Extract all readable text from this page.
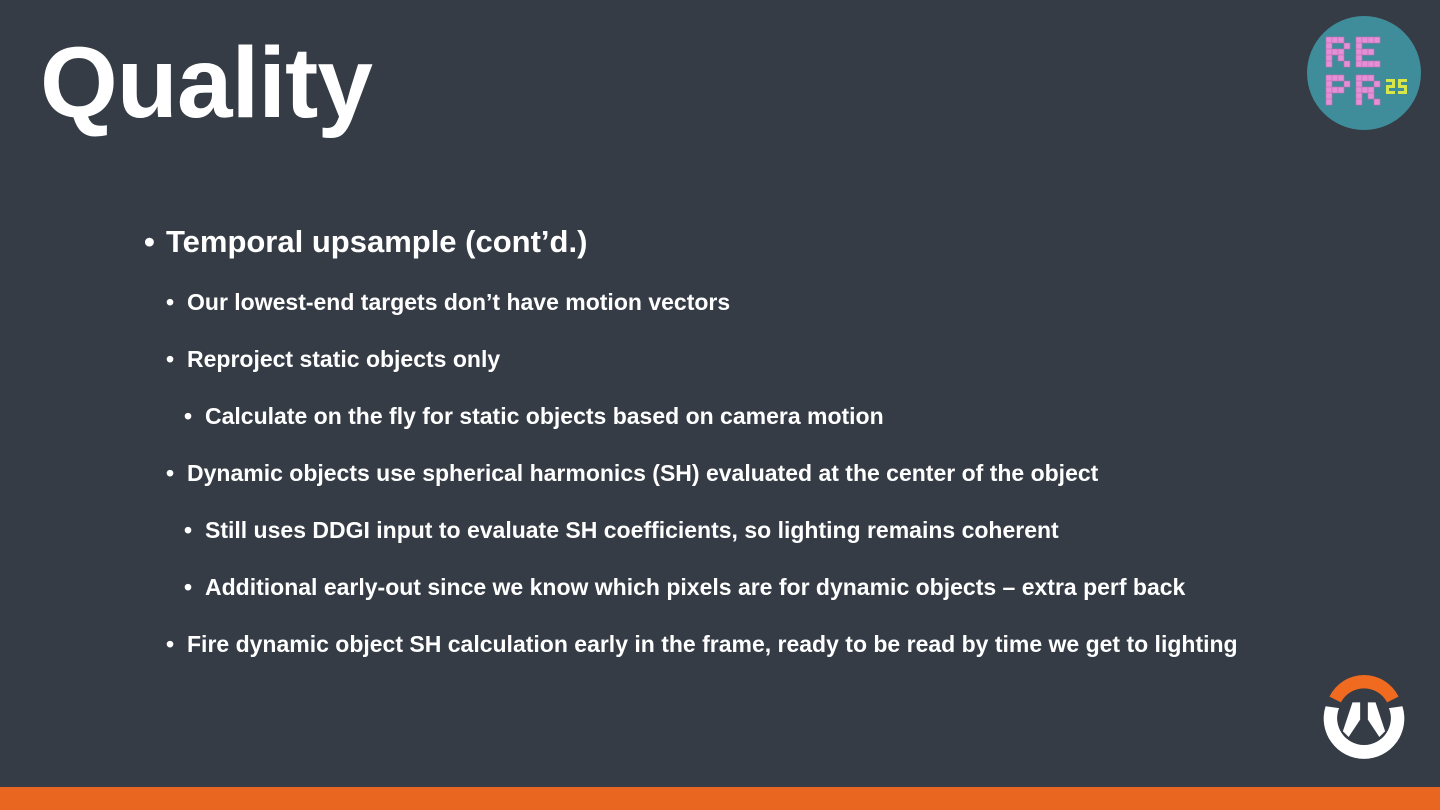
Quality
• Temporal upsample (cont’d.)
• Our lowest-end targets don’t have motion vectors
• Reproject static objects only
• Calculate on the fly for static objects based on camera motion
• Dynamic objects use spherical harmonics (SH) evaluated at the center of the object
• Still uses DDGI input to evaluate SH coefficients, so lighting remains coherent
• Additional early-out since we know which pixels are for dynamic objects – extra perf back
• Fire dynamic object SH calculation early in the frame, ready to be read by time we get to lighting
